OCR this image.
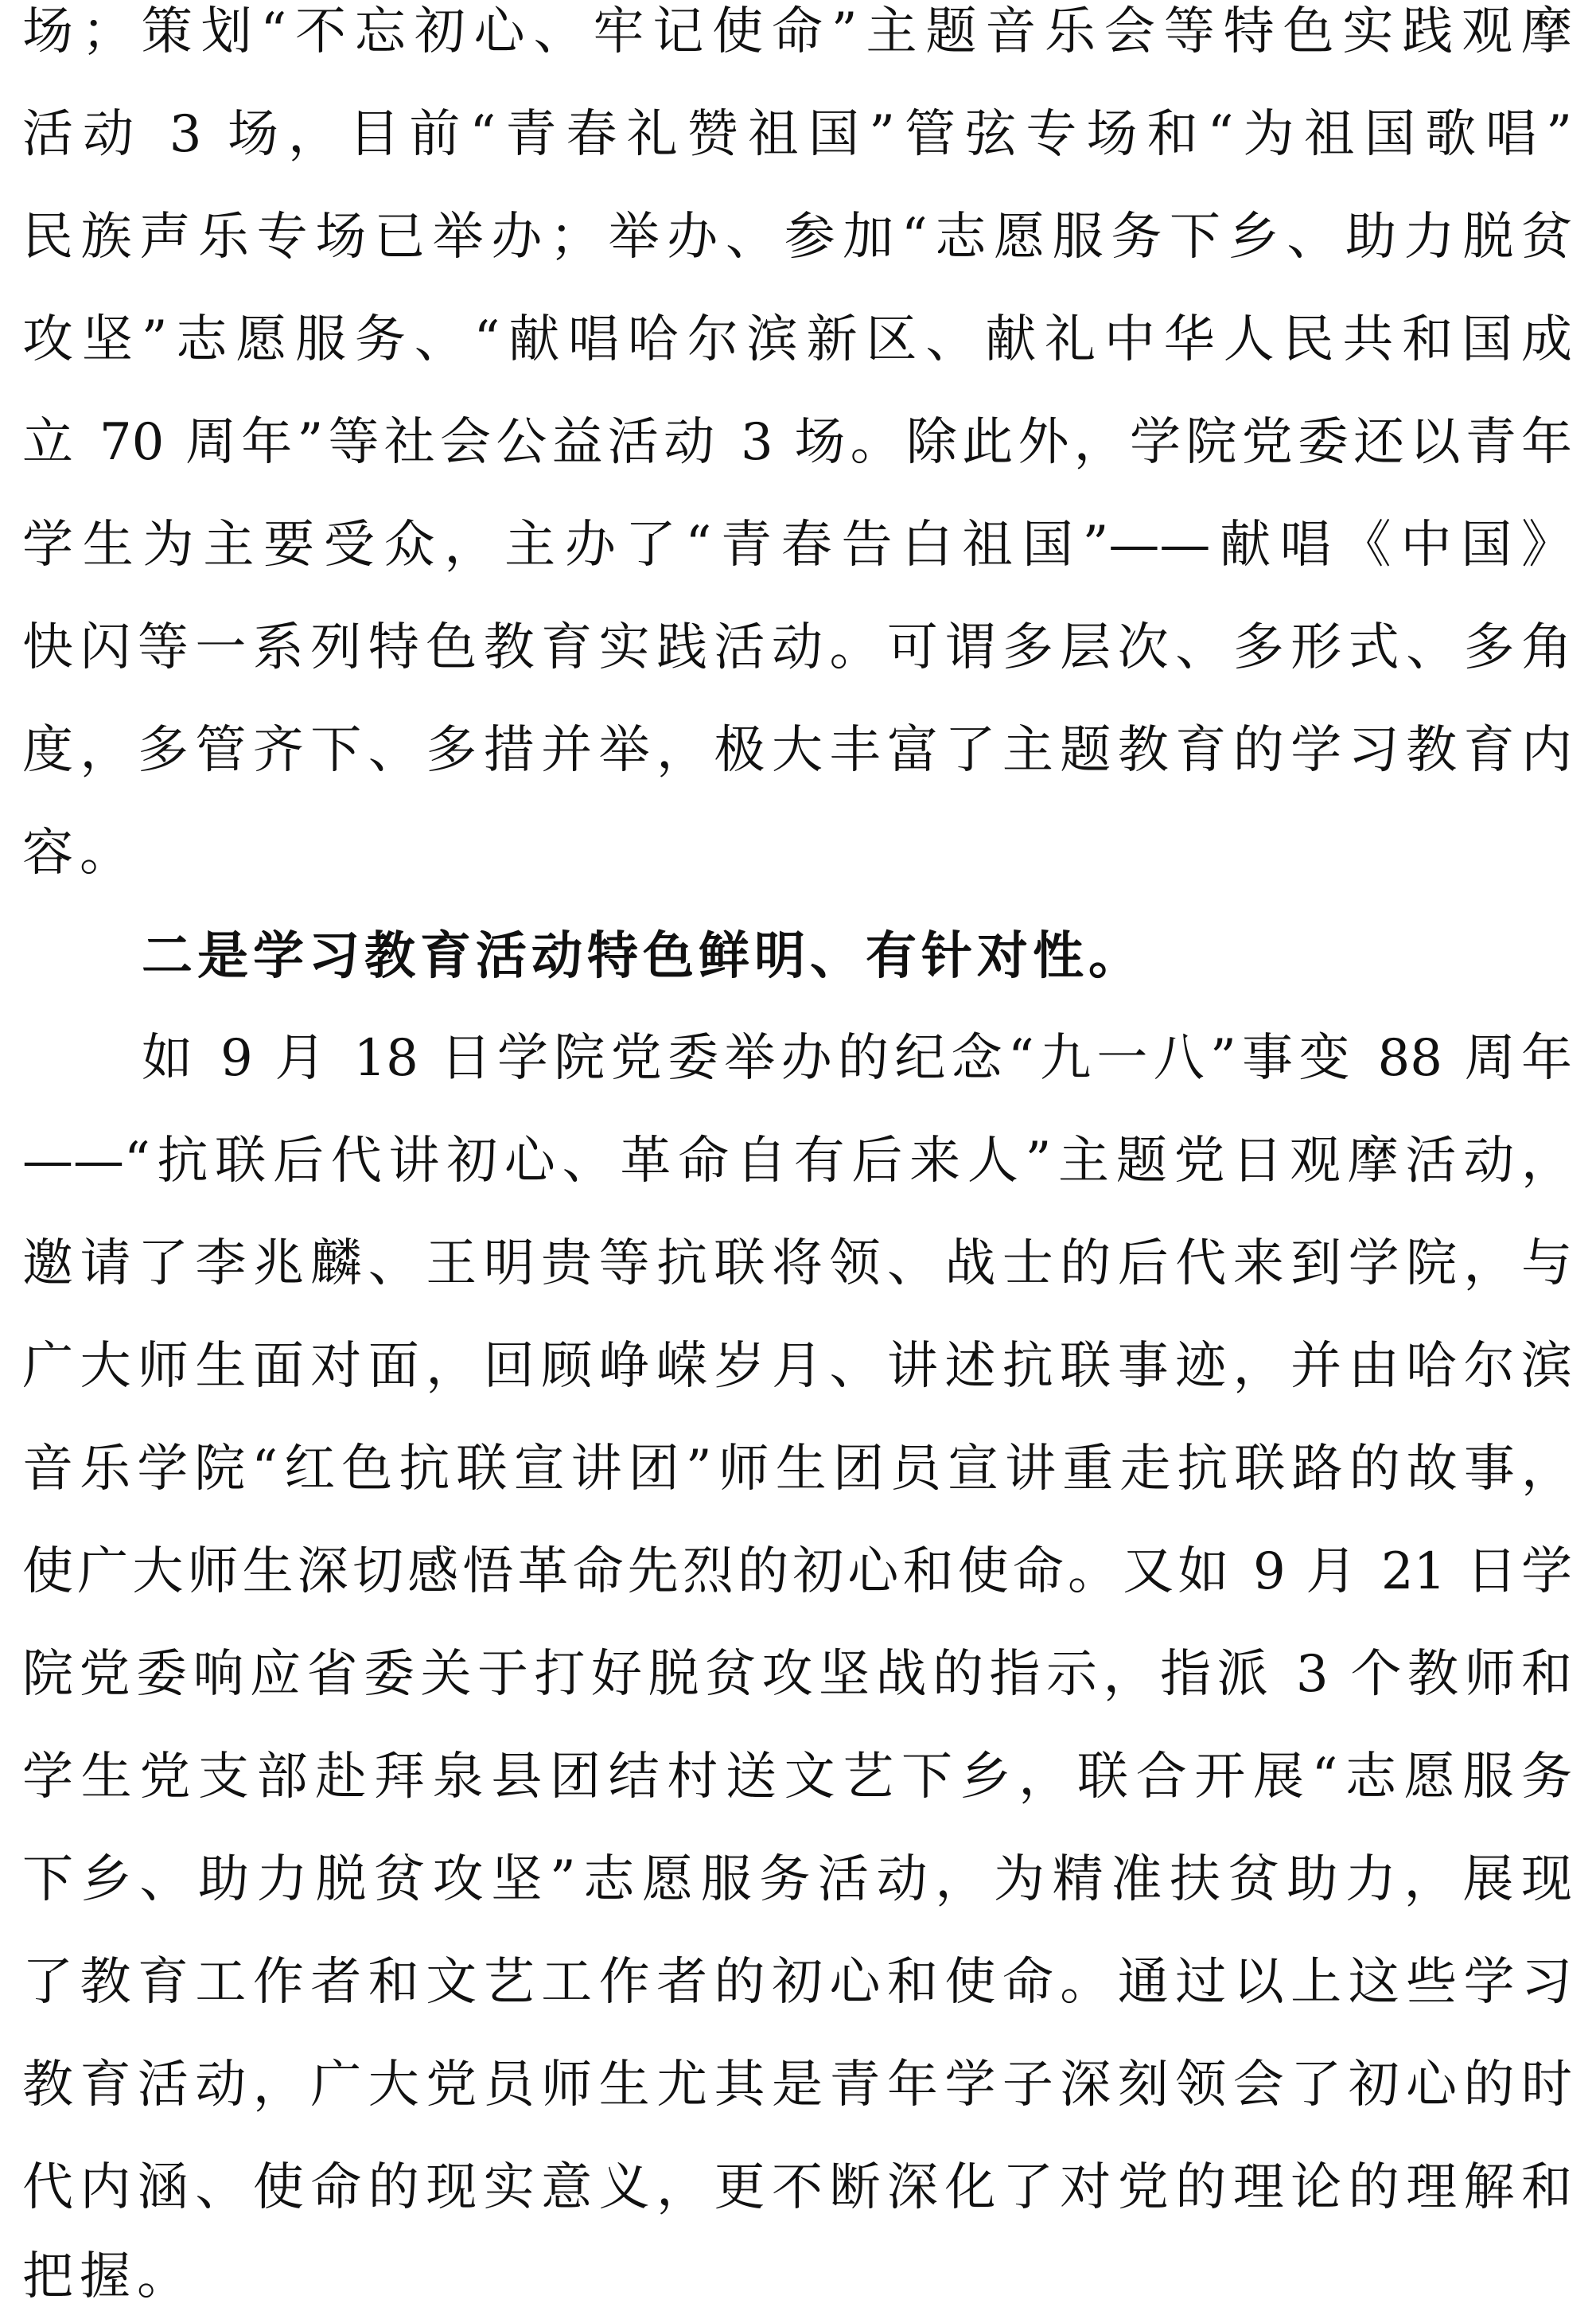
场；策划“不忘初心、牢记使命”主题音乐会等特色实践观摩
活动 3 场，目前“青春礼赞祖国”管弦专场和“为祖国歌唱”
民族声乐专场已举办；举办、参加“志愿服务下乡、助力脱贫
攻坚”志愿服务、“献唱哈尔滨新区、献礼中华人民共和国成
立 70 周年”等社会公益活动 3 场。除此外，学院党委还以青年
学生为主要受众，主办了“青春告白祖国”——献唱《中国》
快闪等一系列特色教育实践活动。可谓多层次、多形式、多角
度，多管齐下、多措并举，极大丰富了主题教育的学习教育内
容。
二是学习教育活动特色鲜明、有针对性。
如 9 月 18 日学院党委举办的纪念“九一八”事变 88 周年
——“抗联后代讲初心、革命自有后来人”主题党日观摩活动，
邀请了李兆麟、王明贵等抗联将领、战士的后代来到学院，与
广大师生面对面，回顾峥嵘岁月、讲述抗联事迹，并由哈尔滨
音乐学院“红色抗联宣讲团”师生团员宣讲重走抗联路的故事，
使广大师生深切感悟革命先烈的初心和使命。又如 9 月 21 日学
院党委响应省委关于打好脱贫攻坚战的指示，指派 3 个教师和
学生党支部赴拜泉县团结村送文艺下乡，联合开展“志愿服务
下乡、助力脱贫攻坚”志愿服务活动，为精准扶贫助力，展现
了教育工作者和文艺工作者的初心和使命。通过以上这些学习
教育活动，广大党员师生尤其是青年学子深刻领会了初心的时
代内涵、使命的现实意义，更不断深化了对党的理论的理解和
把握。
